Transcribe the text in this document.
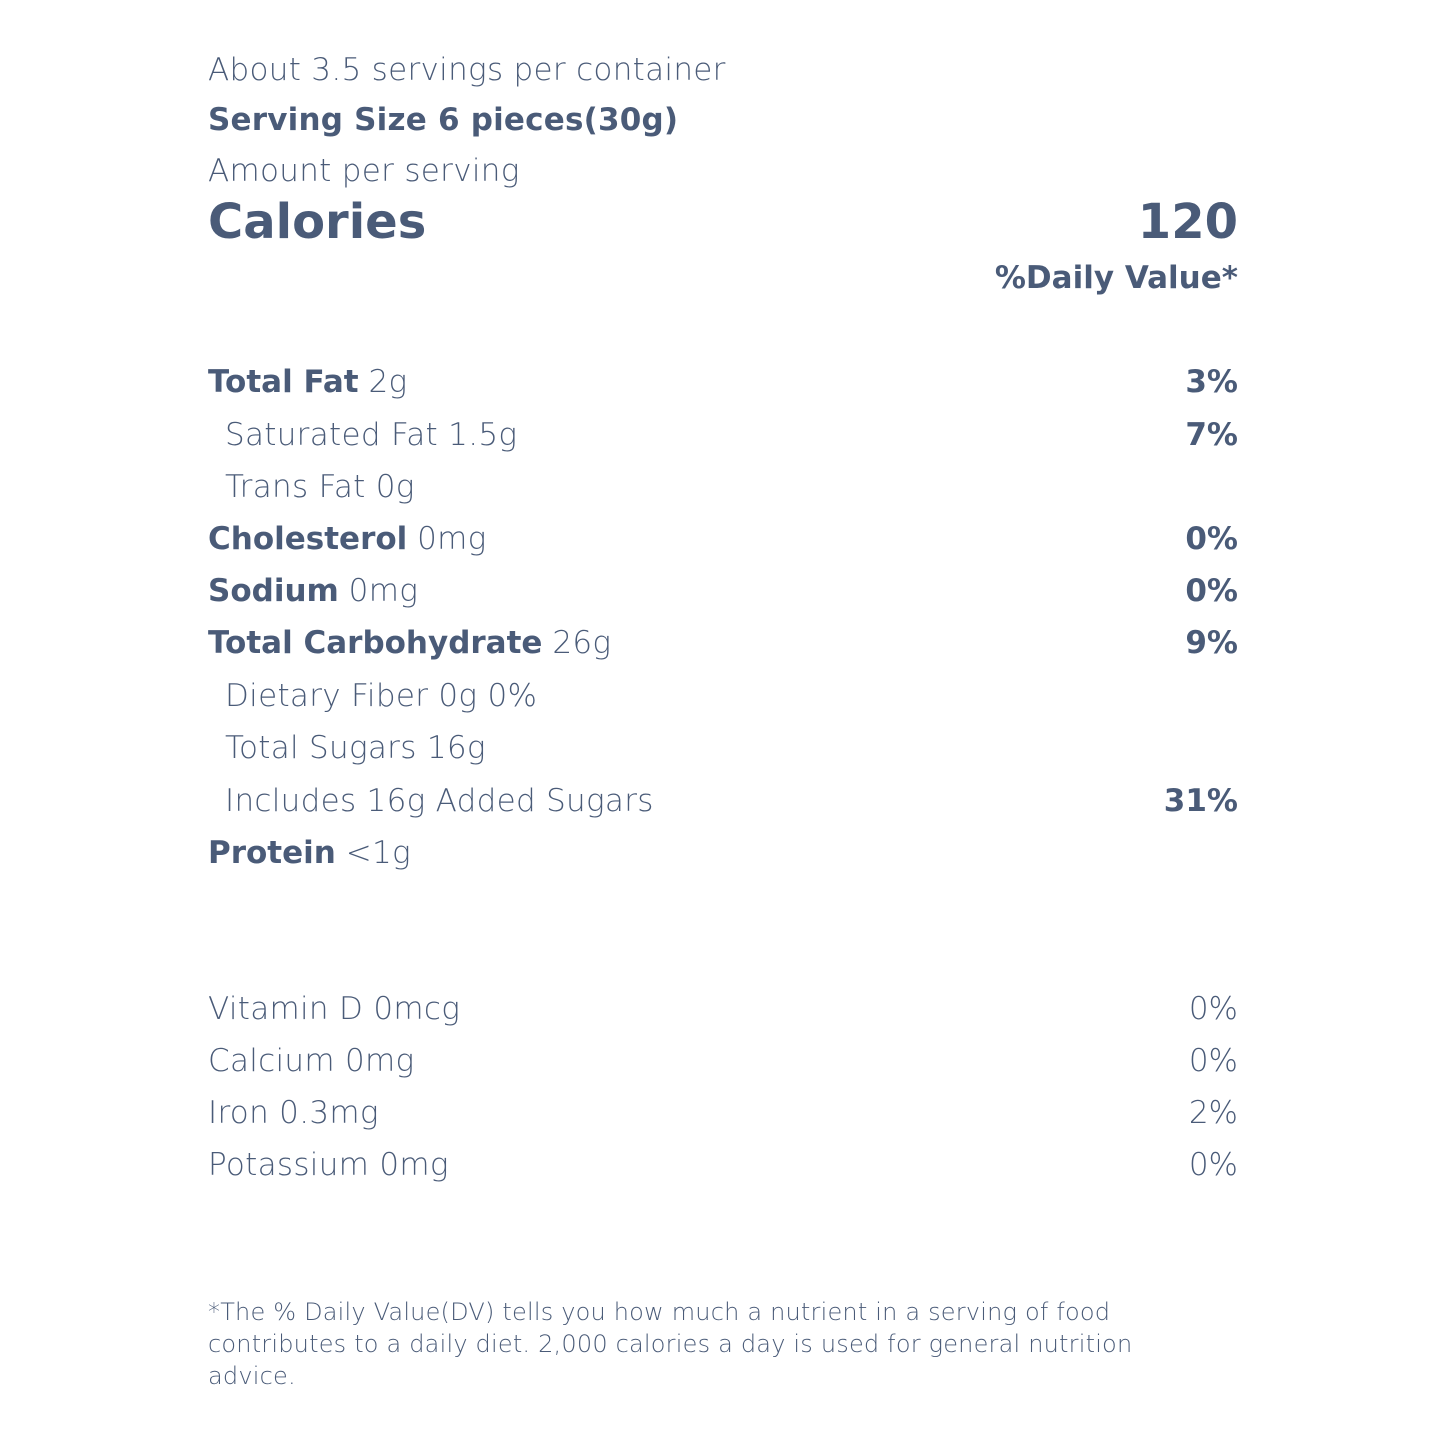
About 3.5 servings per container
Serving Size 6 pieces(30g)
Amount per serving
Calories	120
%Daily Value*
Total Fat 2g	3%
Saturated Fat 1.5g	7%
Trans Fat 0g
Cholesterol 0mg	0%
Sodium 0mg	0%
Total Carbohydrate 26g	9%
Dietary Fiber 0g 0%
Total Sugars 16g
Includes 16g Added Sugars	31%
Protein <1g
Vitamin D 0mcg	0%
Calcium 0mg	0%
Iron 0.3mg	2%
Potassium 0mg	0%
*The % Daily Value(DV) tells you how much a nutrient in a serving of food contributes to a daily diet. 2,000 calories a day is used for general nutrition advice.
